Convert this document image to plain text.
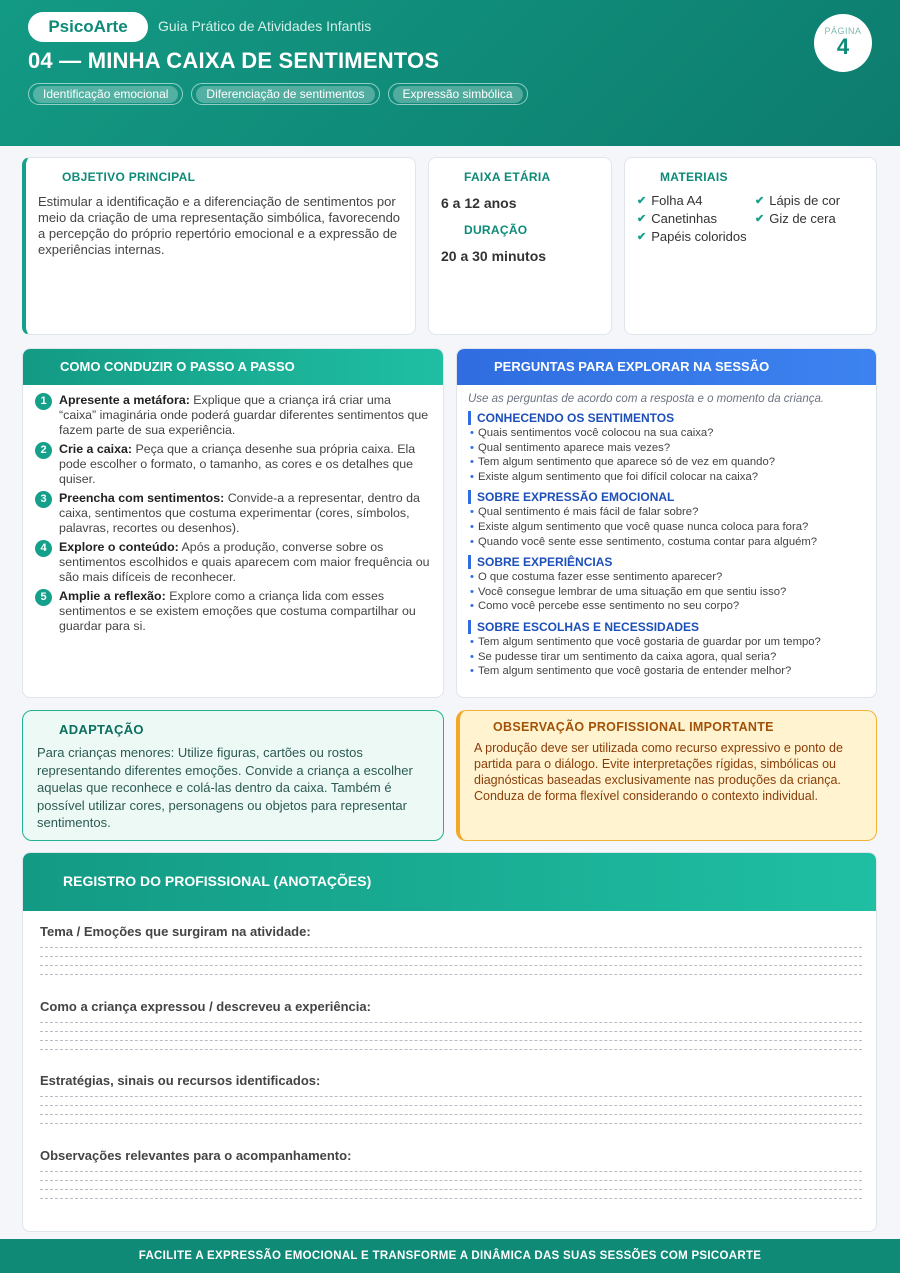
PsicoArte	Guia Prático de Atividades Infantis
04 — MINHA CAIXA DE SENTIMENTOS
Identificação emocional	Diferenciação de sentimentos	Expressão simbólica
PÁGINA
4
OBJETIVO PRINCIPAL
Estimular a identificação e a diferenciação de sentimentos por meio da criação de uma representação simbólica, favorecendo a percepção do próprio repertório emocional e a expressão de experiências internas.
FAIXA ETÁRIA
6 a 12 anos
DURAÇÃO
20 a 30 minutos
MATERIAIS
✔ Folha A4	✔ Lápis de cor
✔ Canetinhas	✔ Giz de cera
✔ Papéis coloridos
COMO CONDUZIR O PASSO A PASSO
1	Apresente a metáfora: Explique que a criança irá criar uma “caixa” imaginária onde poderá guardar diferentes sentimentos que fazem parte de sua experiência.
2	Crie a caixa: Peça que a criança desenhe sua própria caixa. Ela pode escolher o formato, o tamanho, as cores e os detalhes que quiser.
3	Preencha com sentimentos: Convide-a a representar, dentro da caixa, sentimentos que costuma experimentar (cores, símbolos, palavras, recortes ou desenhos).
4	Explore o conteúdo: Após a produção, converse sobre os sentimentos escolhidos e quais aparecem com maior frequência ou são mais difíceis de reconhecer.
5	Amplie a reflexão: Explore como a criança lida com esses sentimentos e se existem emoções que costuma compartilhar ou guardar para si.
PERGUNTAS PARA EXPLORAR NA SESSÃO
Use as perguntas de acordo com a resposta e o momento da criança.
CONHECENDO OS SENTIMENTOS
• Quais sentimentos você colocou na sua caixa?
• Qual sentimento aparece mais vezes?
• Tem algum sentimento que aparece só de vez em quando?
• Existe algum sentimento que foi difícil colocar na caixa?
SOBRE EXPRESSÃO EMOCIONAL
• Qual sentimento é mais fácil de falar sobre?
• Existe algum sentimento que você quase nunca coloca para fora?
• Quando você sente esse sentimento, costuma contar para alguém?
SOBRE EXPERIÊNCIAS
• O que costuma fazer esse sentimento aparecer?
• Você consegue lembrar de uma situação em que sentiu isso?
• Como você percebe esse sentimento no seu corpo?
SOBRE ESCOLHAS E NECESSIDADES
• Tem algum sentimento que você gostaria de guardar por um tempo?
• Se pudesse tirar um sentimento da caixa agora, qual seria?
• Tem algum sentimento que você gostaria de entender melhor?
ADAPTAÇÃO
Para crianças menores: Utilize figuras, cartões ou rostos representando diferentes emoções. Convide a criança a escolher aquelas que reconhece e colá-las dentro da caixa. Também é possível utilizar cores, personagens ou objetos para representar sentimentos.
OBSERVAÇÃO PROFISSIONAL IMPORTANTE
A produção deve ser utilizada como recurso expressivo e ponto de partida para o diálogo. Evite interpretações rígidas, simbólicas ou diagnósticas baseadas exclusivamente nas produções da criança. Conduza de forma flexível considerando o contexto individual.
REGISTRO DO PROFISSIONAL (ANOTAÇÕES)
Tema / Emoções que surgiram na atividade:
Como a criança expressou / descreveu a experiência:
Estratégias, sinais ou recursos identificados:
Observações relevantes para o acompanhamento:
FACILITE A EXPRESSÃO EMOCIONAL E TRANSFORME A DINÂMICA DAS SUAS SESSÕES COM PSICOARTE
